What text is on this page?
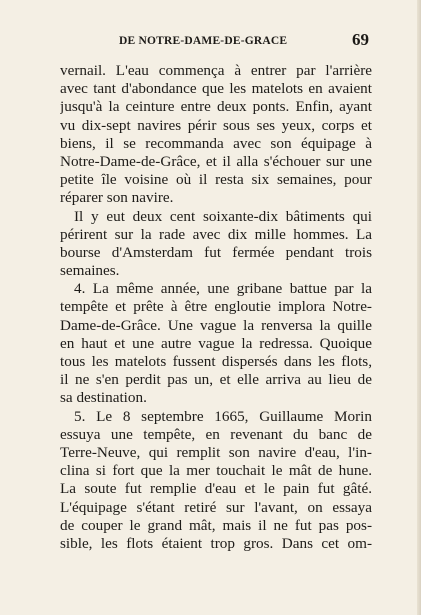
DE NOTRE-DAME-DE-GRACE	69
vernail. L'eau commença à entrer par l'arrière
avec tant d'abondance que les matelots en avaient
jusqu'à la ceinture entre deux ponts. Enfin, ayant
vu dix-sept navires périr sous ses yeux, corps et
biens, il se recommanda avec son équipage à
Notre-Dame-de-Grâce, et il alla s'échouer sur une
petite île voisine où il resta six semaines, pour
réparer son navire.
Il y eut deux cent soixante-dix bâtiments qui
périrent sur la rade avec dix mille hommes. La
bourse d'Amsterdam fut fermée pendant trois
semaines.
4. La même année, une gribane battue par la
tempête et prête à être engloutie implora Notre-
Dame-de-Grâce. Une vague la renversa la quille
en haut et une autre vague la redressa. Quoique
tous les matelots fussent dispersés dans les flots,
il ne s'en perdit pas un, et elle arriva au lieu de
sa destination.
5. Le 8 septembre 1665, Guillaume Morin
essuya une tempête, en revenant du banc de
Terre-Neuve, qui remplit son navire d'eau, l'in-
clina si fort que la mer touchait le mât de hune.
La soute fut remplie d'eau et le pain fut gâté.
L'équipage s'étant retiré sur l'avant, on essaya
de couper le grand mât, mais il ne fut pas pos-
sible, les flots étaient trop gros. Dans cet om-
